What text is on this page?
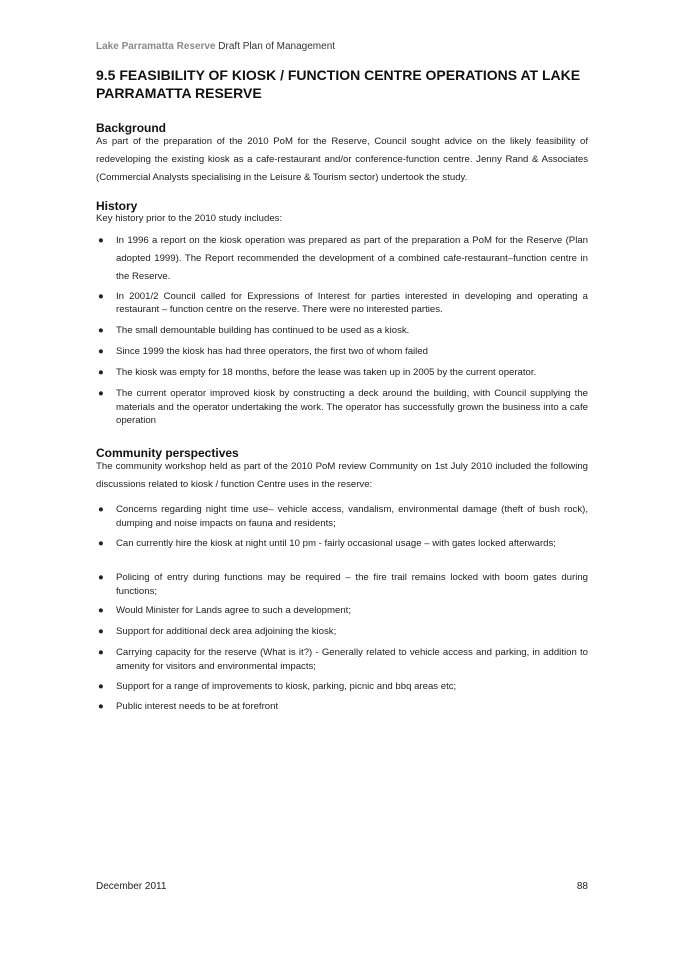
Lake Parramatta Reserve Draft Plan of Management
9.5 FEASIBILITY OF KIOSK / FUNCTION CENTRE OPERATIONS AT LAKE PARRAMATTA RESERVE
Background

As part of the preparation of the 2010 PoM for the Reserve, Council sought advice on the likely feasibility of redeveloping the existing kiosk as a cafe-restaurant and/or conference-function centre. Jenny Rand & Associates (Commercial Analysts specialising in the Leisure & Tourism sector) undertook the study.

History

Key history prior to the 2010 study includes:

● In 1996 a report on the kiosk operation was prepared as part of the preparation a PoM for the Reserve (Plan adopted 1999). The Report recommended the development of a combined cafe-restaurant–function centre in the Reserve.
● In 2001/2 Council called for Expressions of Interest for parties interested in developing and operating a restaurant – function centre on the reserve. There were no interested parties.
● The small demountable building has continued to be used as a kiosk.
● Since 1999 the kiosk has had three operators, the first two of whom failed
● The kiosk was empty for 18 months, before the lease was taken up in 2005 by the current operator.
● The current operator improved kiosk by constructing a deck around the building, with Council supplying the materials and the operator undertaking the work. The operator has successfully grown the business into a cafe operation
Community perspectives

The community workshop held as part of the 2010 PoM review Community on 1st July 2010 included the following discussions related to kiosk / function Centre uses in the reserve:

● Concerns regarding night time use– vehicle access, vandalism, environmental damage (theft of bush rock), dumping and noise impacts on fauna and residents;
● Can currently hire the kiosk at night until 10 pm - fairly occasional usage – with gates locked afterwards;
● Policing of entry during functions may be required – the fire trail remains locked with boom gates during functions;
● Would Minister for Lands agree to such a development;
● Support for additional deck area adjoining the kiosk;
● Carrying capacity for the reserve (What is it?) - Generally related to vehicle access and parking, in addition to amenity for visitors and environmental impacts;
● Support for a range of improvements to kiosk, parking, picnic and bbq areas etc;
● Public interest needs to be at forefront
December 2011	88
